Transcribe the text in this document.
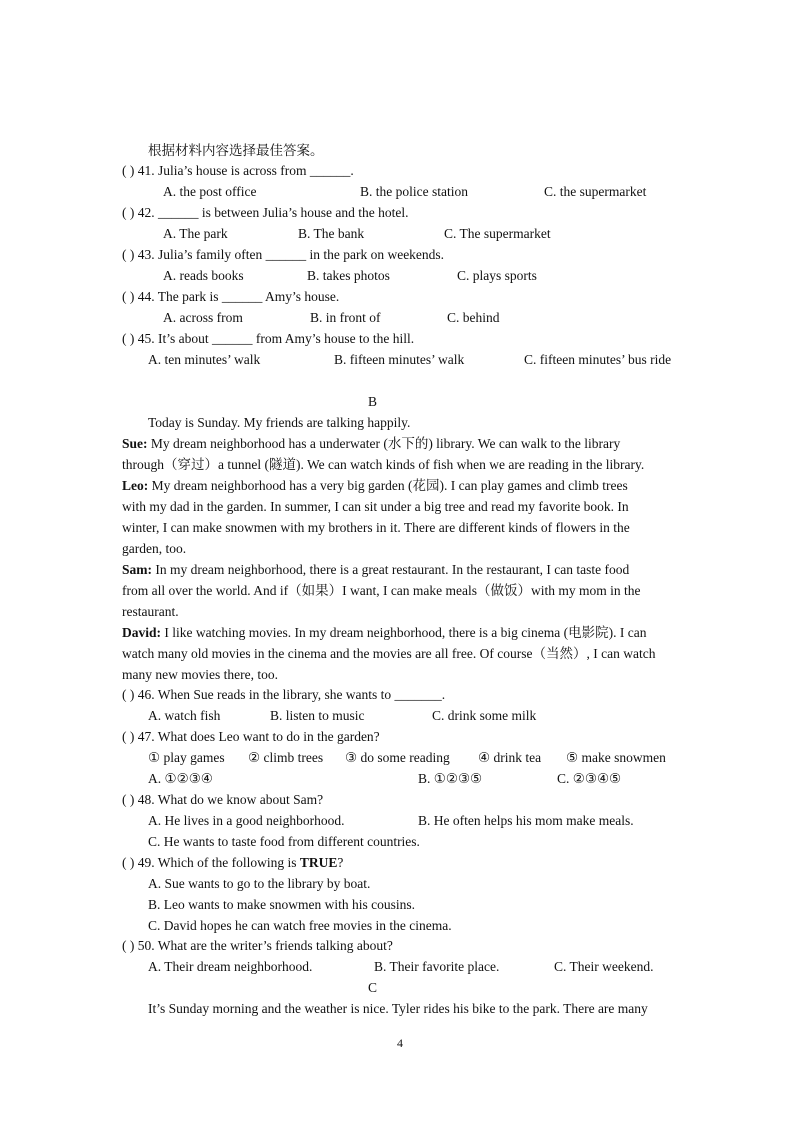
根据材料内容选择最佳答案。
( ) 41. Julia’s house is across from ______.
A. the post office	B. the police station	C. the supermarket
( ) 42. ______ is between Julia’s house and the hotel.
A. The park	B. The bank	C. The supermarket
( ) 43. Julia’s family often ______ in the park on weekends.
A. reads books	B. takes photos	C. plays sports
( ) 44. The park is ______ Amy’s house.
A. across from	B. in front of	C. behind
( ) 45. It’s about ______ from Amy’s house to the hill.
A. ten minutes’ walk	B. fifteen minutes’ walk	C. fifteen minutes’ bus ride
B
Today is Sunday. My friends are talking happily.
Sue: My dream neighborhood has a underwater (水下的) library. We can walk to the library
through（穿过）a tunnel (隧道). We can watch kinds of fish when we are reading in the library.
Leo: My dream neighborhood has a very big garden (花园). I can play games and climb trees
with my dad in the garden. In summer, I can sit under a big tree and read my favorite book. In
winter, I can make snowmen with my brothers in it. There are different kinds of flowers in the
garden, too.
Sam: In my dream neighborhood, there is a great restaurant. In the restaurant, I can taste food
from all over the world. And if（如果）I want, I can make meals（做饭）with my mom in the
restaurant.
David: I like watching movies. In my dream neighborhood, there is a big cinema (电影院). I can
watch many old movies in the cinema and the movies are all free. Of course（当然）, I can watch
many new movies there, too.
( ) 46. When Sue reads in the library, she wants to _______.
A. watch fish	B. listen to music	C. drink some milk
( ) 47. What does Leo want to do in the garden?
① play games ② climb trees ③ do some reading ④ drink tea ⑤ make snowmen
A. ①②③④	B. ①②③⑤	C. ②③④⑤
( ) 48. What do we know about Sam?
A. He lives in a good neighborhood.	B. He often helps his mom make meals.
C. He wants to taste food from different countries.
( ) 49. Which of the following is TRUE?
A. Sue wants to go to the library by boat.
B. Leo wants to make snowmen with his cousins.
C. David hopes he can watch free movies in the cinema.
( ) 50. What are the writer’s friends talking about?
A. Their dream neighborhood.	B. Their favorite place.	C. Their weekend.
C
It’s Sunday morning and the weather is nice. Tyler rides his bike to the park. There are many
4
